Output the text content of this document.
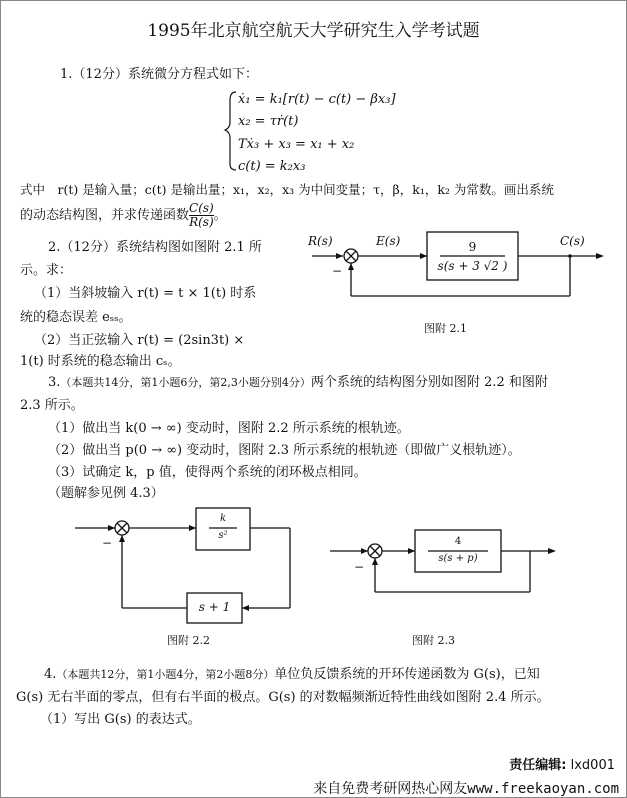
1995年北京航空航天大学研究生入学考试题
1.（12分）系统微分方程式如下：
ẋ₁ = k₁[r(t) − c(t) − βx₃]
x₂ = τṙ(t)
Tẋ₃ + x₃ = x₁ + x₂
c(t) = k₂x₃
式中　r(t) 是输入量；c(t) 是输出量；x₁，x₂，x₃ 为中间变量；τ，β，k₁，k₂ 为常数。画出系统
的动态结构图，并求传递函数 $\frac{C(s)}{R(s)}$ 。
2.（12分）系统结构图如图附 2.1 所
示。求：
（1）当斜坡输入 r(t) = t × 1(t) 时系
统的稳态误差 eₛₛ。
（2）当正弦输入 r(t) = (2sin3t) ×
1(t) 时系统的稳态输出 cₛ。
R(s)	E(s)	C(s)
−
9
s(s + 3 √2 )
图附 2.1
3.（本题共14分，第1小题6分，第2,3小题分别4分）两个系统的结构图分别如图附 2.2 和图附
2.3 所示。
（1）做出当 k(0 → ∞) 变动时，图附 2.2 所示系统的根轨迹。
（2）做出当 p(0 → ∞) 变动时，图附 2.3 所示系统的根轨迹（即做广义根轨迹）。
（3）试确定 k，p 值，使得两个系统的闭环极点相同。
（题解参见例 4.3）
k
s²
s + 1
−
图附 2.2
4
s(s + p)
−
图附 2.3
4.（本题共12分，第1小题4分，第2小题8分）单位负反馈系统的开环传递函数为 G(s)，已知
G(s) 无右半面的零点，但有右半面的极点。G(s) 的对数幅频渐近特性曲线如图附 2.4 所示。
（1）写出 G(s) 的表达式。
责任编辑: lxd001
来自免费考研网热心网友www.freekaoyan.com
